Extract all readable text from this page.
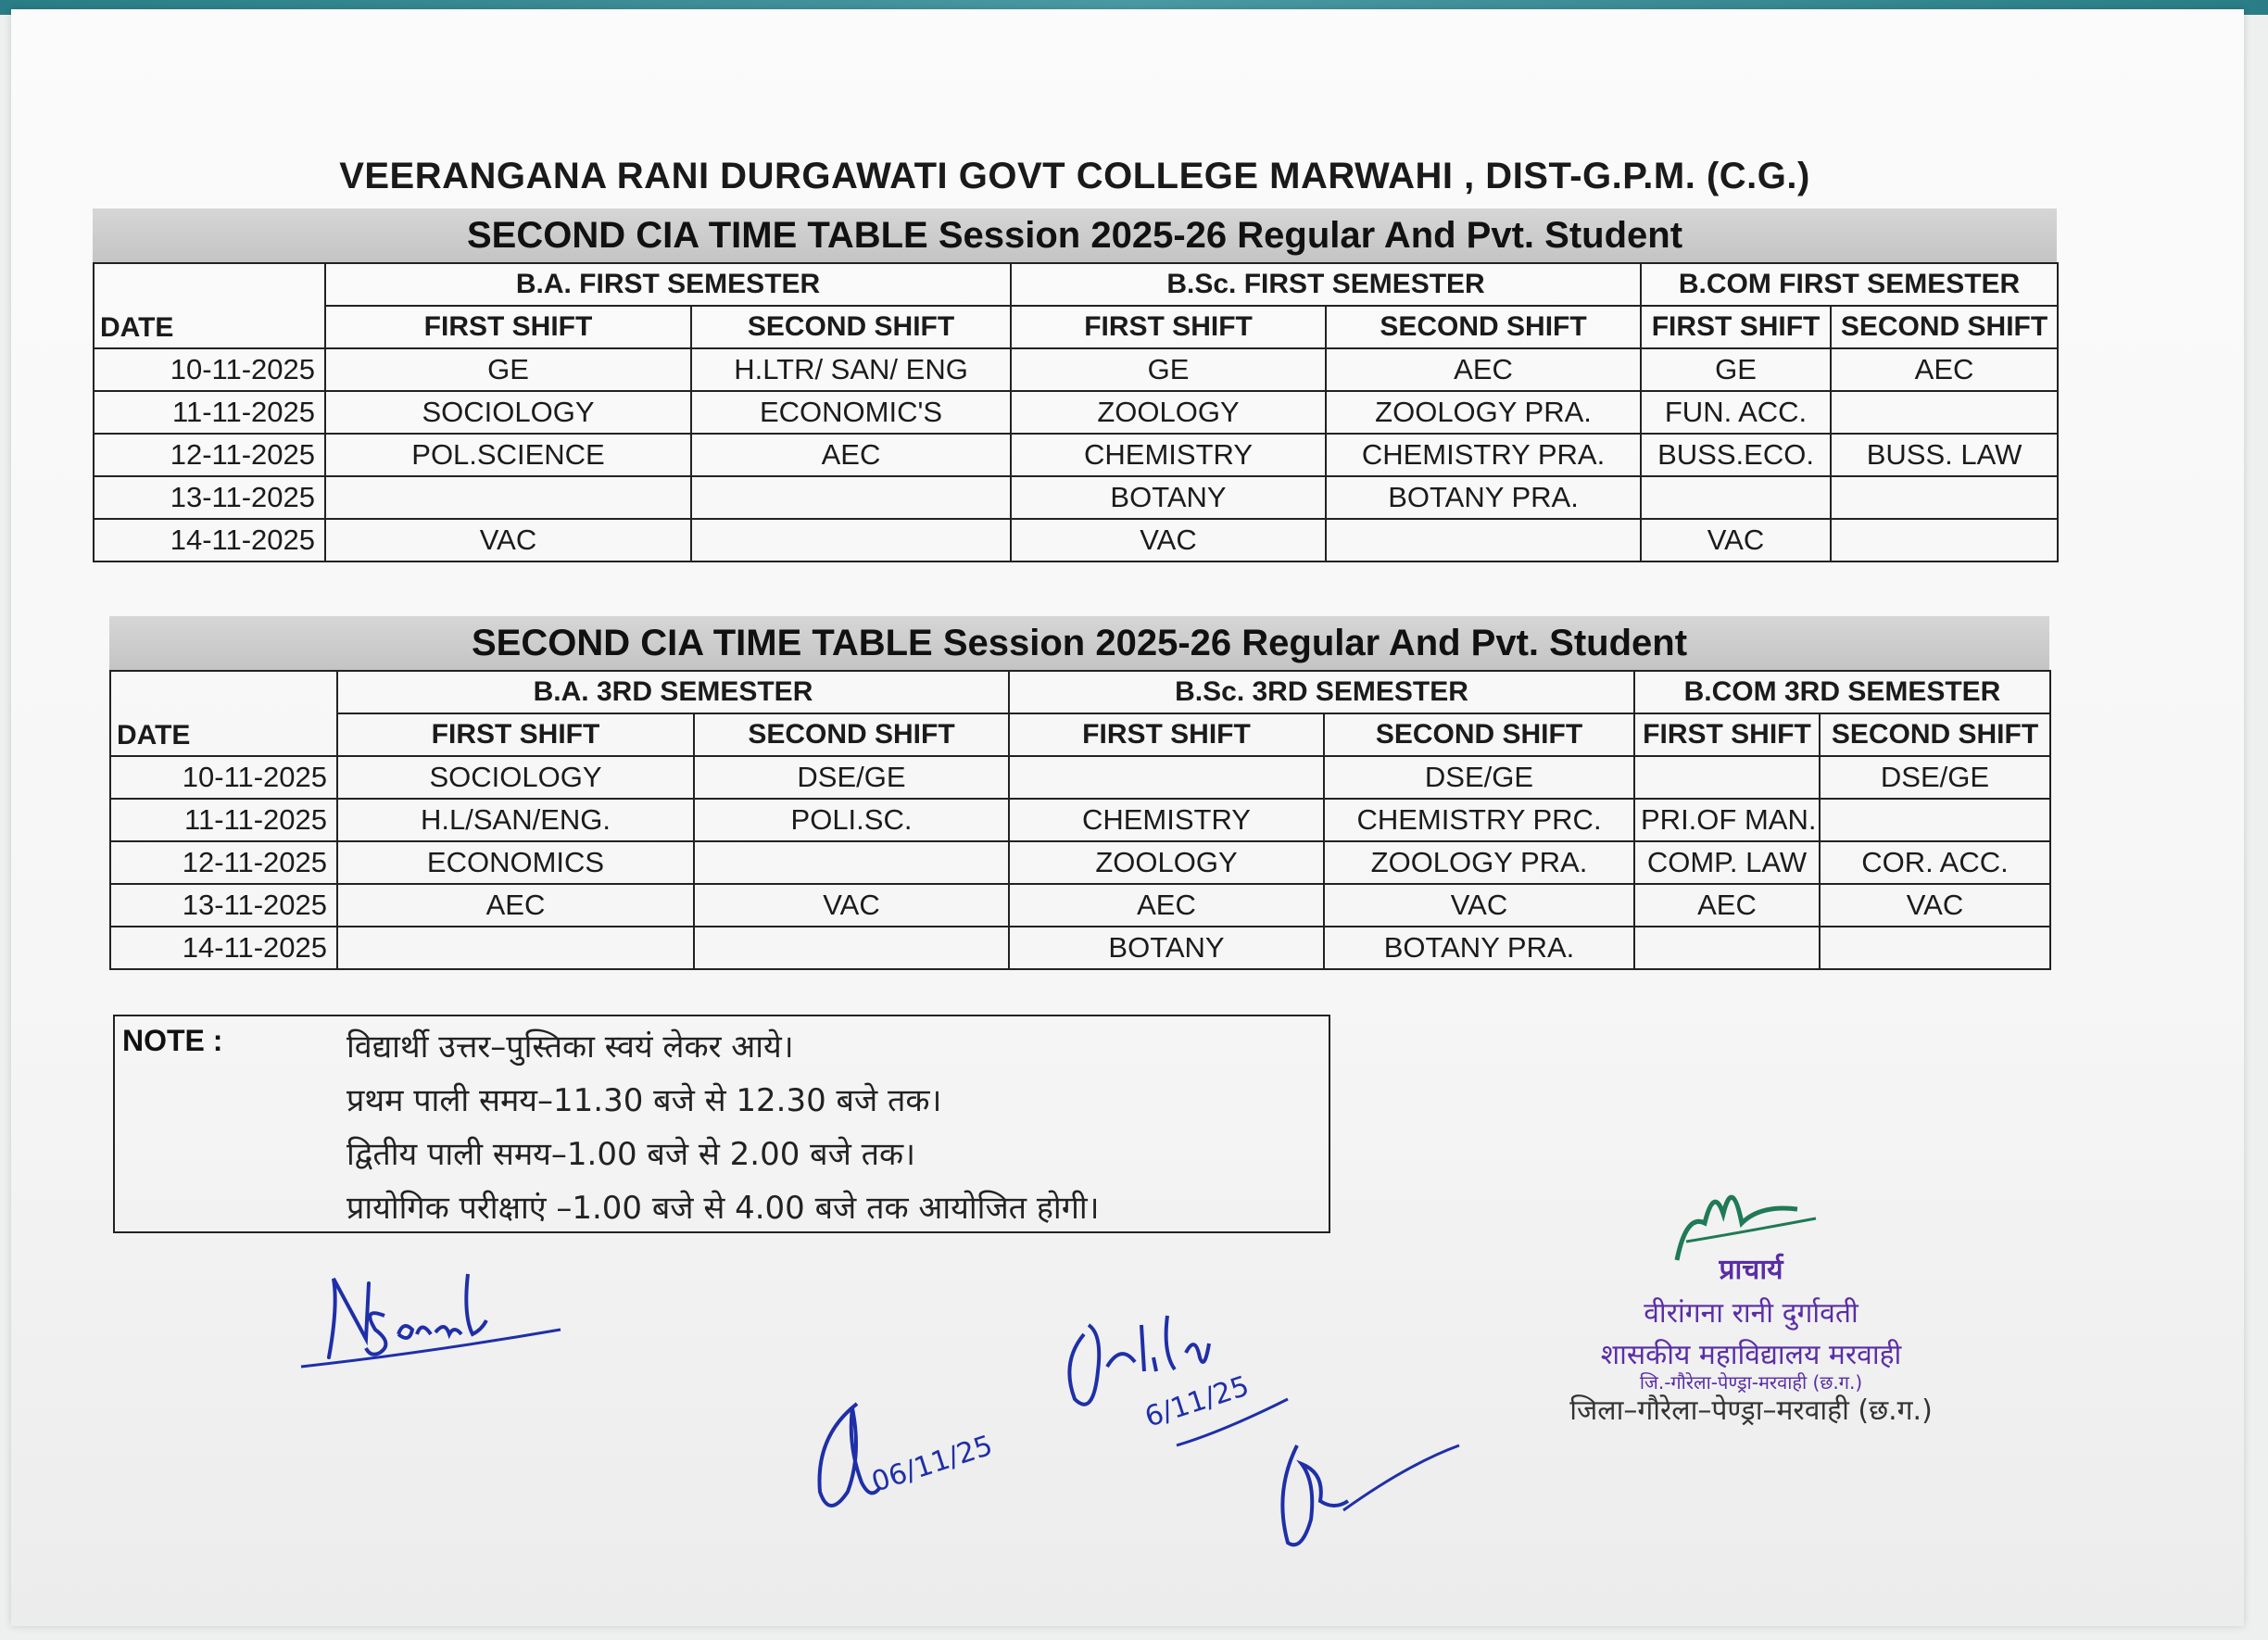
VEERANGANA RANI DURGAWATI GOVT COLLEGE MARWAHI , DIST-G.P.M. (C.G.)
SECOND CIA TIME TABLE Session 2025-26 Regular And Pvt. Student
DATE	B.A. FIRST SEMESTER		B.Sc. FIRST SEMESTER		B.COM FIRST SEMESTER	
	FIRST SHIFT	SECOND SHIFT	FIRST SHIFT	SECOND SHIFT	FIRST SHIFT	SECOND SHIFT
10-11-2025	GE	H.LTR/ SAN/ ENG	GE	AEC	GE	AEC
11-11-2025	SOCIOLOGY	ECONOMIC'S	ZOOLOGY	ZOOLOGY PRA.	FUN. ACC.	
12-11-2025	POL.SCIENCE	AEC	CHEMISTRY	CHEMISTRY PRA.	BUSS.ECO.	BUSS. LAW
13-11-2025			BOTANY	BOTANY PRA.		
14-11-2025	VAC		VAC		VAC	
SECOND CIA TIME TABLE Session 2025-26 Regular And Pvt. Student
DATE	B.A. 3RD SEMESTER		B.Sc. 3RD SEMESTER		B.COM 3RD SEMESTER	
	FIRST SHIFT	SECOND SHIFT	FIRST SHIFT	SECOND SHIFT	FIRST SHIFT	SECOND SHIFT
10-11-2025	SOCIOLOGY	DSE/GE		DSE/GE		DSE/GE
11-11-2025	H.L/SAN/ENG.	POLI.SC.	CHEMISTRY	CHEMISTRY PRC.	PRI.OF MAN.	
12-11-2025	ECONOMICS		ZOOLOGY	ZOOLOGY PRA.	COMP. LAW	COR. ACC.
13-11-2025	AEC	VAC	AEC	VAC	AEC	VAC
14-11-2025			BOTANY	BOTANY PRA.		
NOTE :	विद्यार्थी उत्तर–पुस्तिका स्वयं लेकर आये।
प्रथम पाली समय–11.30 बजे से 12.30 बजे तक।
द्वितीय पाली समय–1.00 बजे से 2.00 बजे तक।
प्रायोगिक परीक्षाएं –1.00 बजे से 4.00 बजे तक आयोजित होगी।
06/11/25
6/11/25
प्राचार्य
वीरांगना रानी दुर्गावती
शासकीय महाविद्यालय मरवाही
जि.-गौरेला-पेण्ड्रा-मरवाही (छ.ग.)
जिला–गौरेला–पेण्ड्रा–मरवाही (छ.ग.)
